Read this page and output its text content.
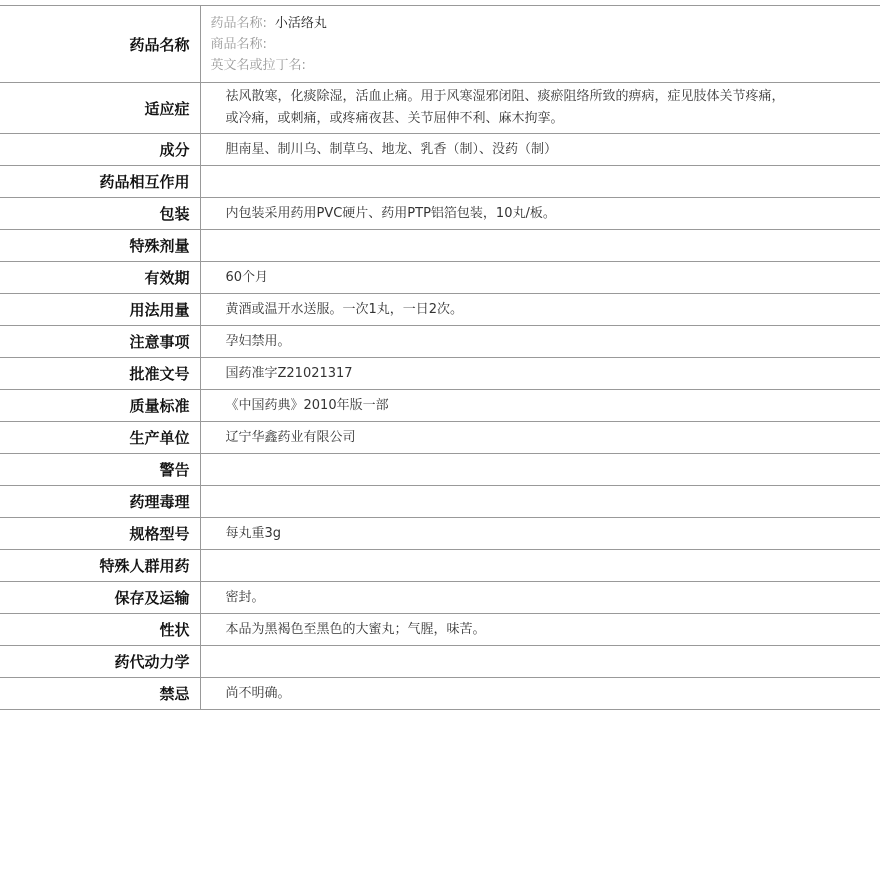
药品名称	药品名称: 小活络丸
商品名称:
英文名或拉丁名:

适应症	祛风散寒，化痰除湿，活血止痛。用于风寒湿邪闭阻、痰瘀阻络所致的痹病，症见肢体关节疼痛，或冷痛，或刺痛，或疼痛夜甚、关节屈伸不利、麻木拘挛。

成分	胆南星、制川乌、制草乌、地龙、乳香（制）、没药（制）
药品相互作用	
包装	内包装采用药用PVC硬片、药用PTP铝箔包装，10丸/板。
特殊剂量	
有效期	60个月
用法用量	黄酒或温开水送服。一次1丸，一日2次。
注意事项	孕妇禁用。
批准文号	国药准字Z21021317
质量标准	《中国药典》2010年版一部
生产单位	辽宁华鑫药业有限公司
警告	
药理毒理	
规格型号	每丸重3g
特殊人群用药	
保存及运输	密封。
性状	本品为黑褐色至黑色的大蜜丸；气腥，味苦。
药代动力学	
禁忌	尚不明确。
